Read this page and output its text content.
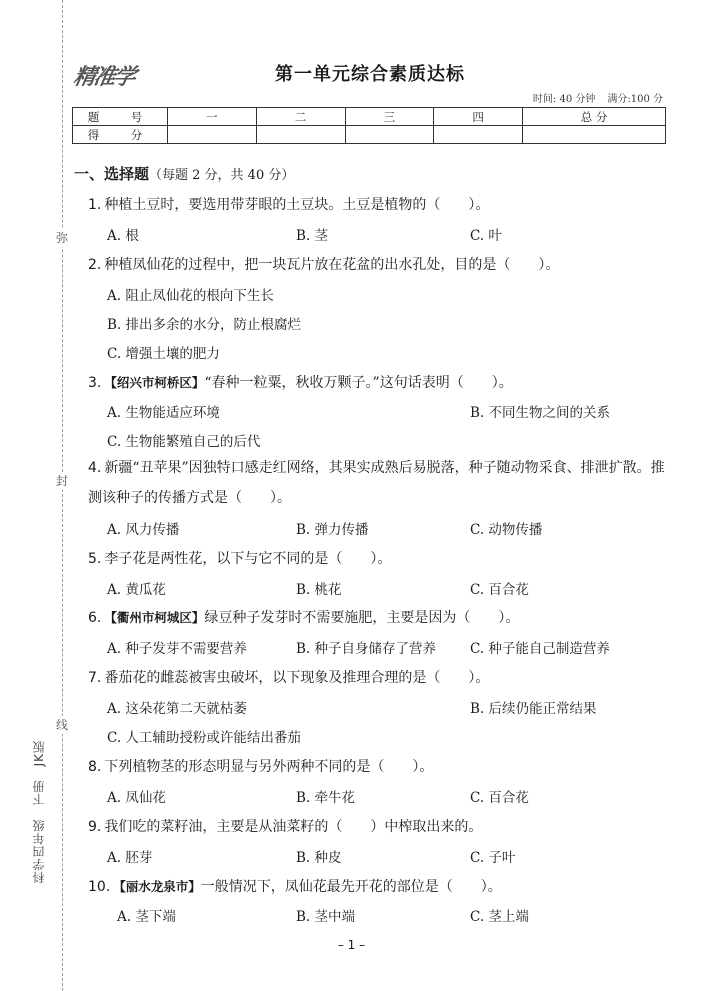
弥
封
线
科学四年级　下册　JK版
精准学	第一单元综合素质达标
时间: 40 分钟 满分:100 分
题　号	一	二	三	四	总 分
得　分					
一、选择题（每题 2 分，共 40 分）
1. 种植土豆时，要选用带芽眼的土豆块。土豆是植物的（　　）。
A. 根	B. 茎	C. 叶
2. 种植凤仙花的过程中，把一块瓦片放在花盆的出水孔处，目的是（　　）。
A. 阻止凤仙花的根向下生长
B. 排出多余的水分，防止根腐烂
C. 增强土壤的肥力
3. 【绍兴市柯桥区】“春种一粒粟，秋收万颗子。”这句话表明（　　）。
A. 生物能适应环境	B. 不同生物之间的关系
C. 生物能繁殖自己的后代
4. 新疆“丑苹果”因独特口感走红网络，其果实成熟后易脱落，种子随动物采食、排泄扩散。推测该种子的传播方式是（　　）。
A. 风力传播	B. 弹力传播	C. 动物传播
5. 李子花是两性花，以下与它不同的是（　　）。
A. 黄瓜花	B. 桃花	C. 百合花
6. 【衢州市柯城区】绿豆种子发芽时不需要施肥，主要是因为（　　）。
A. 种子发芽不需要营养	B. 种子自身储存了营养	C. 种子能自己制造营养
7. 番茄花的雌蕊被害虫破坏，以下现象及推理合理的是（　　）。
A. 这朵花第二天就枯萎	B. 后续仍能正常结果
C. 人工辅助授粉或许能结出番茄
8. 下列植物茎的形态明显与另外两种不同的是（　　）。
A. 凤仙花	B. 牵牛花	C. 百合花
9. 我们吃的菜籽油，主要是从油菜籽的（　　）中榨取出来的。
A. 胚芽	B. 种皮	C. 子叶
10. 【丽水龙泉市】一般情况下，凤仙花最先开花的部位是（　　）。
A. 茎下端	B. 茎中端	C. 茎上端
– 1 –
